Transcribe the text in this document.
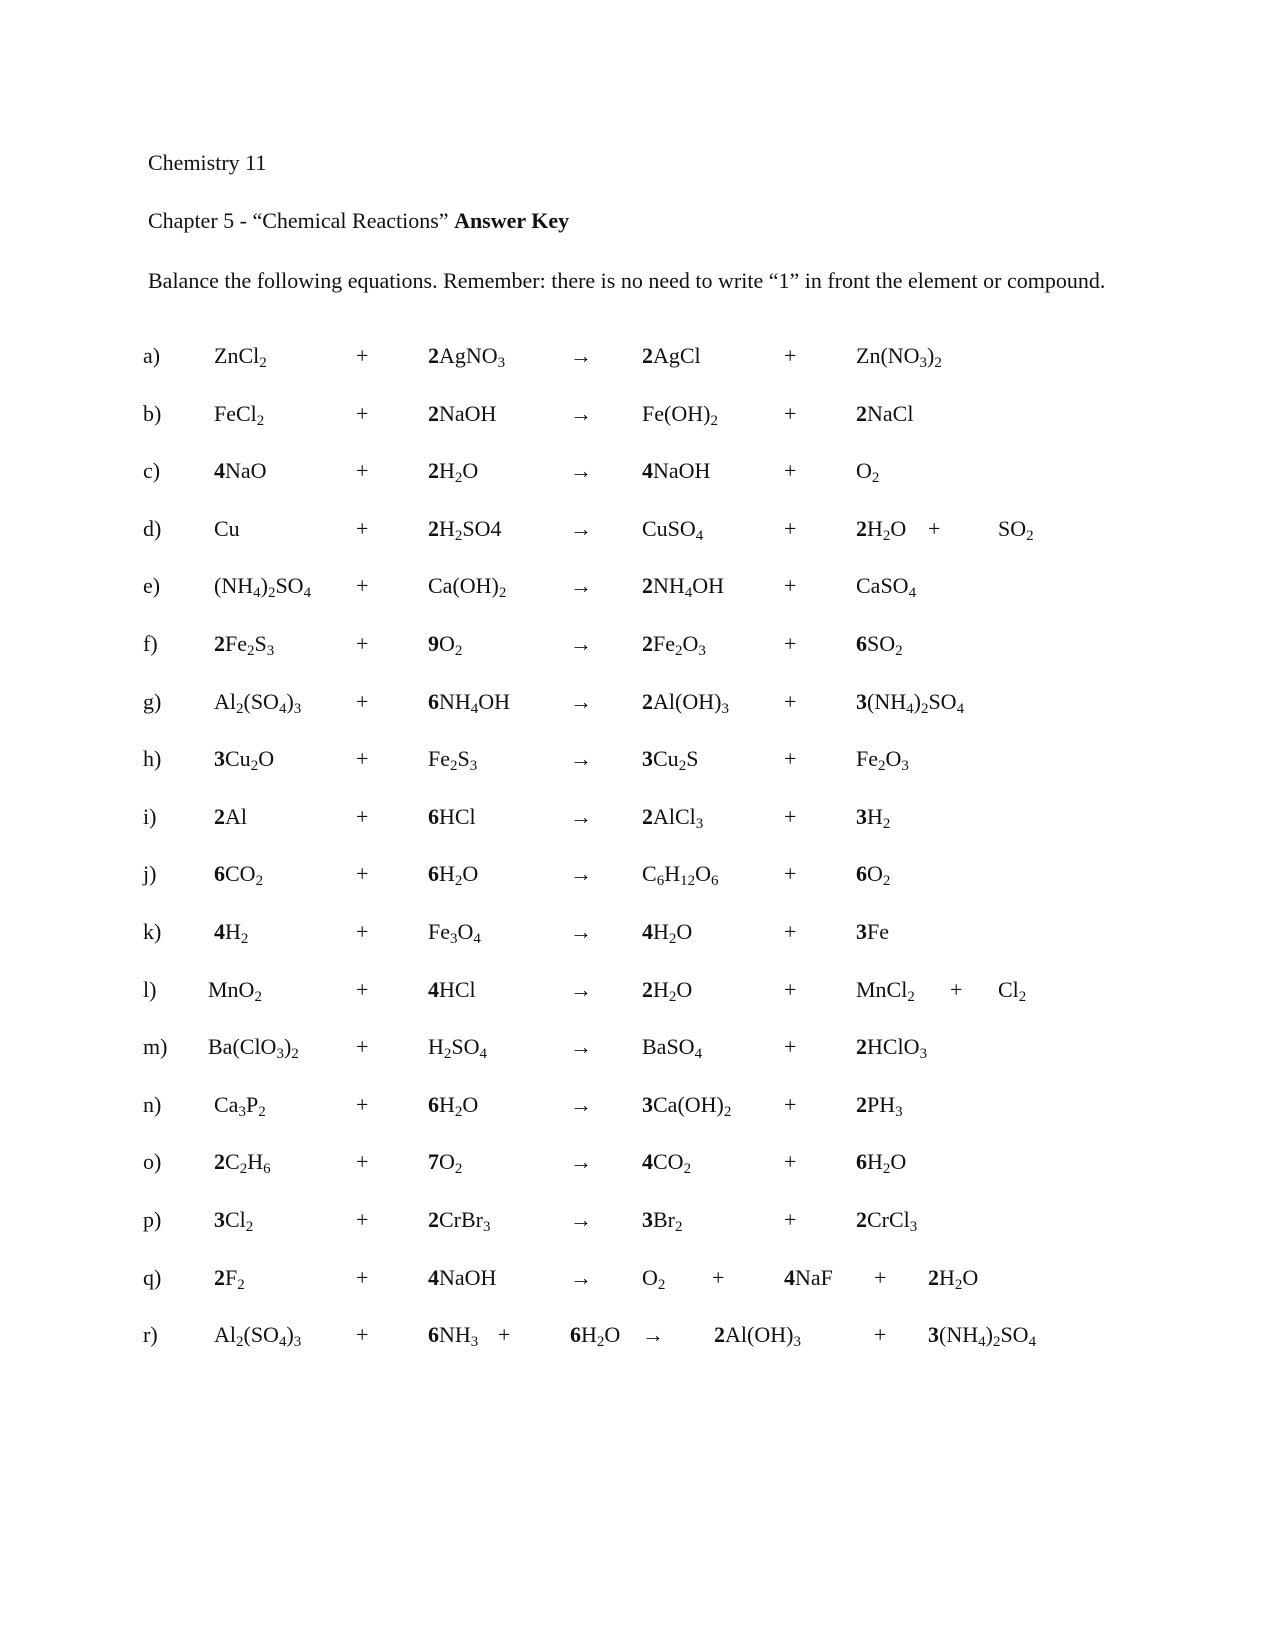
Chemistry 11
Chapter 5 - “Chemical Reactions” Answer Key
Balance the following equations. Remember: there is no need to write “1” in front the element or compound.
a) ZnCl$_2$	+	2AgNO$_3$	→ 2AgCl	+	$Zn(NO_3)_2$
b) FeCl$_2$	+	2NaOH	→ $Fe(OH)_2$	+	2NaCl
c) 4NaO	+	$2H_2O$	→ 4NaOH	+	$O_2$
d) Cu	+	$2H_2SO4$	→ CuSO$_4$	+	$2H_2O$ +	$SO_2$
e) $(NH_4)_2SO_4$ +	$Ca(OH)_2$	→ $2NH_4OH$	+	CaSO$_4$
f)	$2Fe_2S_3$	+	$9O_2$	→ $2Fe_2O_3$	+	$6SO_2$
g) $Al_2(SO_4)_3$ +	$6NH_4OH$	→ $2Al(OH)_3$	+	$3(NH_4)_2SO_4$
h) $3Cu_2O$	+	$Fe_2S_3$	→ $3Cu_2S$	+	$Fe_2O_3$
i)	2Al	+	6HCl	→ 2AlCl$_3$	+	$3H_2$
j)	$6CO_2$	+	$6H_2O$	→ $C_6H_{12}O_6$	+	$6O_2$
k) $4H_2$	+	$Fe_3O_4$	→ $4H_2O$	+	3Fe
l) MnO$_2$	+	4HCl	→ $2H_2O$	+	MnCl$_2$ + $Cl_2$
m) $Ba(ClO_3)_2$	+	$H_2SO_4$	→ BaSO$_4$	+	2HClO$_3$
n) $Ca_3P_2$	+	$6H_2O$	→ $3Ca(OH)_2$ +	$2PH_3$
o) $2C_2H_6$	+	$7O_2$	→ $4CO_2$	+	$6H_2O$
p) $3Cl_2$	+	2CrBr$_3$	→ $3Br_2$	+	2CrCl$_3$
q) $2F_2$	+	4NaOH	→ $O_2$ +	$4NaF + 2H_2O$
r)	$Al_2(SO_4)_3$ +	$6NH_3$ +	$6H_2O \to 2Al(OH)_3$	+ $3(NH_4)_2SO_4$
